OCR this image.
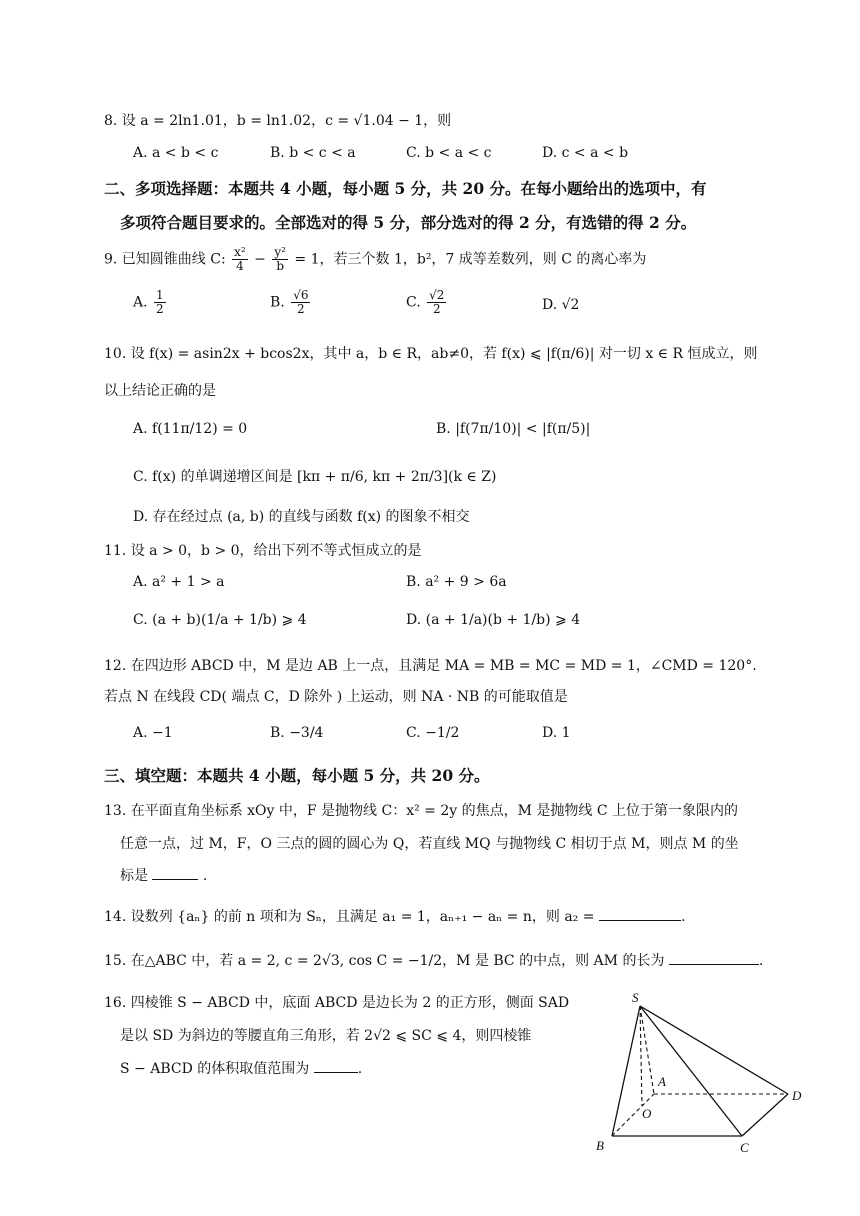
8. 设 a = 2ln1.01，b = ln1.02，c = √1.04 − 1，则
A. a < b < c	B. b < c < a	C. b < a < c	D. c < a < b
二、多项选择题：本题共 4 小题，每小题 5 分，共 20 分。在每小题给出的选项中，有
多项符合题目要求的。全部选对的得 5 分，部分选对的得 2 分，有选错的得 2 分。
9. 已知圆锥曲线 C: $\frac{\text{x²}}{4} - \frac{\text{y²}}{b} = 1$，若三个数 1，b²，7 成等差数列，则 C 的离心率为
A. $\frac{1}{2}$	B. $\frac{√6}{2}$	C. $\frac{√2}{2}$	D. √2
10. 设 f(x) = asin2x + bcos2x，其中 a，b ∈ R，ab≠0，若 f(x) ⩽ |f(π/6)| 对一切 x ∈ R 恒成立，则
以上结论正确的是
A. f(11π/12) = 0	B. |f(7π/10)| < |f(π/5)|
C. f(x) 的单调递增区间是 [kπ + π/6, kπ + 2π/3](k ∈ Z)
D. 存在经过点 (a, b) 的直线与函数 f(x) 的图象不相交
11. 设 a > 0，b > 0，给出下列不等式恒成立的是
A. a² + 1 > a	B. a² + 9 > 6a
C. (a + b)(1/a + 1/b) ⩾ 4	D. (a + 1/a)(b + 1/b) ⩾ 4
12. 在四边形 ABCD 中，M 是边 AB 上一点，且满足 MA = MB = MC = MD = 1，∠CMD = 120°.
若点 N 在线段 CD( 端点 C，D 除外 ) 上运动，则 NA · NB 的可能取值是
A. −1	B. −3/4	C. −1/2	D. 1
三、填空题：本题共 4 小题，每小题 5 分，共 20 分。
13. 在平面直角坐标系 xOy 中，F 是抛物线 C：x² = 2y 的焦点，M 是抛物线 C 上位于第一象限内的
任意一点，过 M，F，O 三点的圆的圆心为 Q，若直线 MQ 与抛物线 C 相切于点 M，则点 M 的坐
标是	.
14. 设数列 {aₙ} 的前 n 项和为 Sₙ，且满足 a₁ = 1，aₙ₊₁ − aₙ = n，则 a₂ =	.
15. 在△ABC 中，若 a = 2, c = 2√3, cos C = −1/2，M 是 BC 的中点，则 AM 的长为	.
16. 四棱锥 S − ABCD 中，底面 ABCD 是边长为 2 的正方形，侧面 SAD
是以 SD 为斜边的等腰直角三角形，若 2√2 ⩽ SC ⩽ 4，则四棱锥
S − ABCD 的体积取值范围为	.
S
A
O
B	C
D
